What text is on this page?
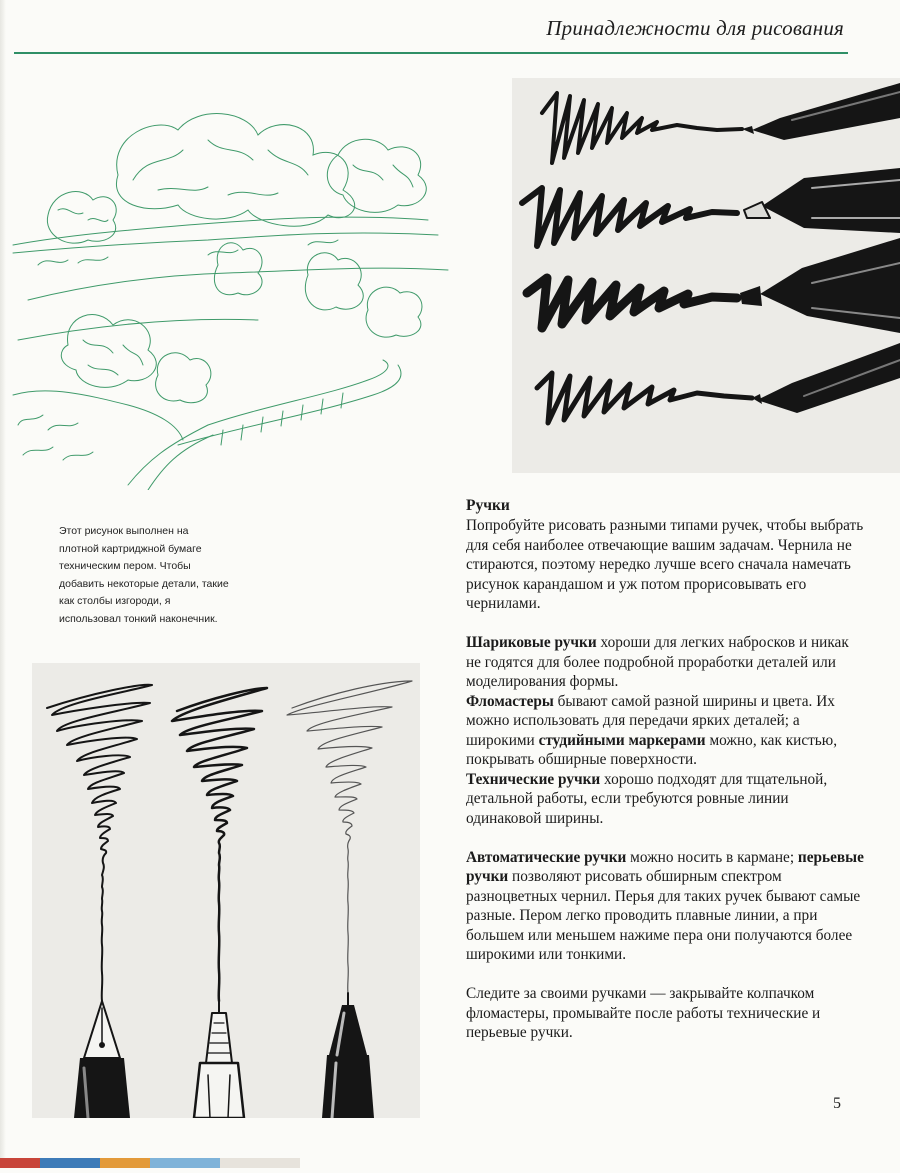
Принадлежности для рисования

Этот рисунок выполнен на

плотной картриджной бумаге

техническим пером. Чтобы

добавить некоторые детали, такие

как столбы изгороди, я

использовал тонкий наконечник.

Ручки

Попробуйте рисовать разными типами ручек, чтобы выбрать для себя наиболее отвечающие вашим задачам. Чернила не стираются, поэтому нередко лучше всего сначала намечать рисунок карандашом и уж потом прорисовывать его чернилами.

Шариковые ручки хороши для легких набросков и никак не годятся для более подробной проработки деталей или моделирования формы.

Фломастеры бывают самой разной ширины и цвета. Их можно использовать для передачи ярких деталей; а широкими студийными маркерами можно, как кистью, покрывать обширные поверхности.

Технические ручки хорошо подходят для тщательной, детальной работы, если требуются ровные линии одинаковой ширины.

Автоматические ручки можно носить в кармане; перьевые ручки позволяют рисовать обширным спектром разноцветных чернил. Перья для таких ручек бывают самые разные. Пером легко проводить плавные линии, а при большем или меньшем нажиме пера они получаются более широкими или тонкими.

Следите за своими ручками — закрывайте колпачком фломастеры, промывайте после работы технические и перьевые ручки.

5
